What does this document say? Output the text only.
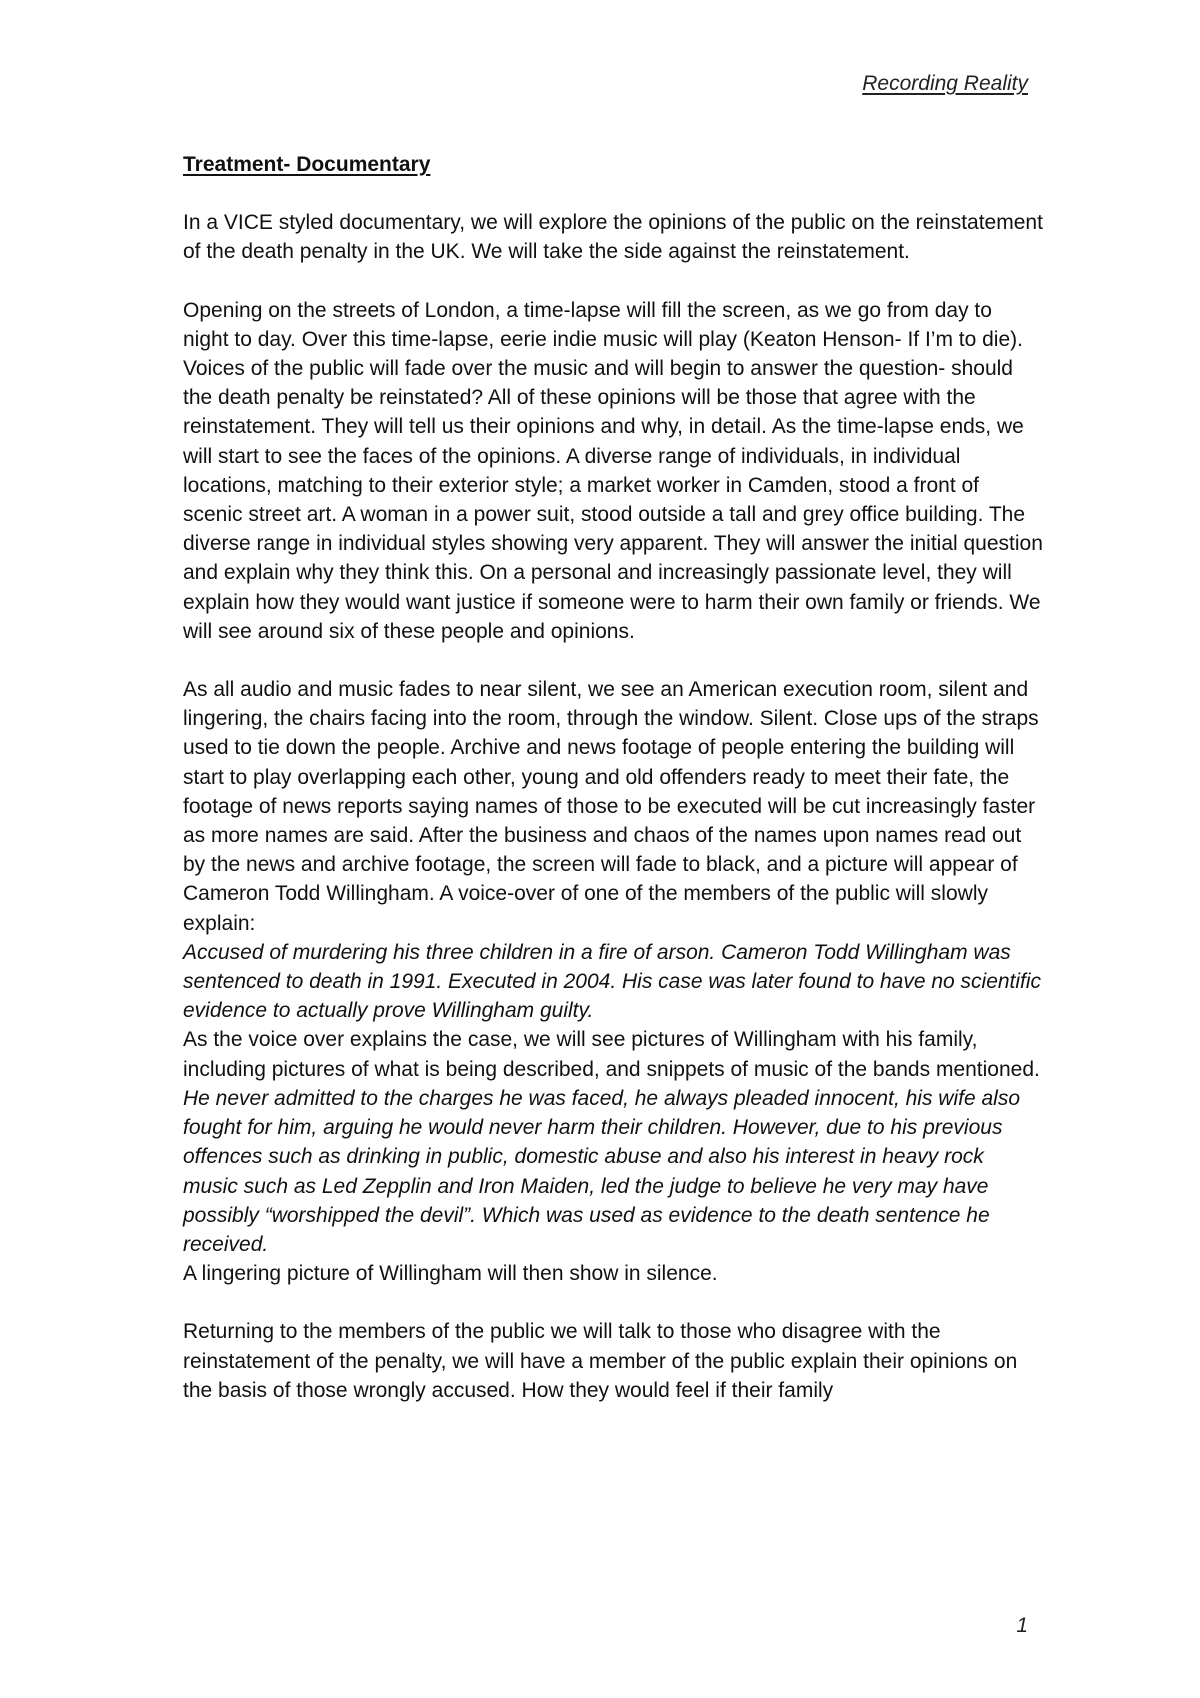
Recording Reality
Treatment- Documentary

In a VICE styled documentary, we will explore the opinions of the public on the reinstatement of the death penalty in the UK. We will take the side against the reinstatement.

Opening on the streets of London, a time-lapse will fill the screen, as we go from day to night to day. Over this time-lapse, eerie indie music will play (Keaton Henson- If I’m to die). Voices of the public will fade over the music and will begin to answer the question- should the death penalty be reinstated? All of these opinions will be those that agree with the reinstatement. They will tell us their opinions and why, in detail. As the time-lapse ends, we will start to see the faces of the opinions. A diverse range of individuals, in individual locations, matching to their exterior style; a market worker in Camden, stood a front of scenic street art. A woman in a power suit, stood outside a tall and grey office building. The diverse range in individual styles showing very apparent. They will answer the initial question and explain why they think this. On a personal and increasingly passionate level, they will explain how they would want justice if someone were to harm their own family or friends. We will see around six of these people and opinions.

As all audio and music fades to near silent, we see an American execution room, silent and lingering, the chairs facing into the room, through the window. Silent. Close ups of the straps used to tie down the people. Archive and news footage of people entering the building will start to play overlapping each other, young and old offenders ready to meet their fate, the footage of news reports saying names of those to be executed will be cut increasingly faster as more names are said. After the business and chaos of the names upon names read out by the news and archive footage, the screen will fade to black, and a picture will appear of Cameron Todd Willingham. A voice-over of one of the members of the public will slowly explain:

Accused of murdering his three children in a fire of arson. Cameron Todd Willingham was sentenced to death in 1991. Executed in 2004. His case was later found to have no scientific evidence to actually prove Willingham guilty.

As the voice over explains the case, we will see pictures of Willingham with his family, including pictures of what is being described, and snippets of music of the bands mentioned.

He never admitted to the charges he was faced, he always pleaded innocent, his wife also fought for him, arguing he would never harm their children. However, due to his previous offences such as drinking in public, domestic abuse and also his interest in heavy rock music such as Led Zepplin and Iron Maiden, led the judge to believe he very may have possibly “worshipped the devil”. Which was used as evidence to the death sentence he received.

A lingering picture of Willingham will then show in silence.

Returning to the members of the public we will talk to those who disagree with the reinstatement of the penalty, we will have a member of the public explain their opinions on the basis of those wrongly accused. How they would feel if their family

1
